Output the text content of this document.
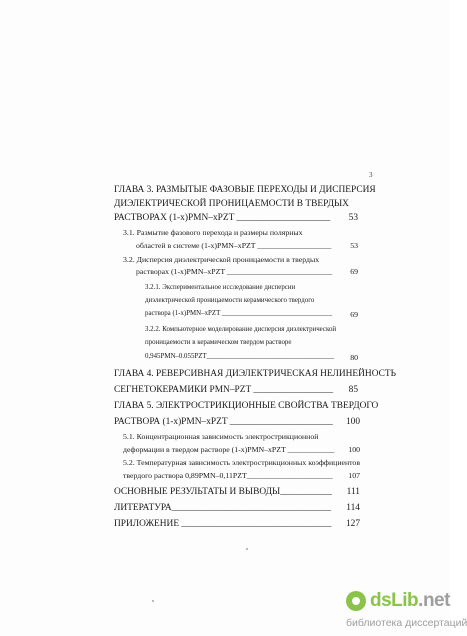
3
ГЛАВА 3. РАЗМЫТЫЕ ФАЗОВЫЕ ПЕРЕХОДЫ И ДИСПЕРСИЯ
ДИЭЛЕКТРИЧЕСКОЙ ПРОНИЦАЕМОСТИ В ТВЕРДЫХ
РАСТВОРАХ (1-x)PMN–xPZT ____________________	53
3.1. Размытие фазового перехода и размеры полярных
областей в системе (1-x)PMN–xPZT ___________________	53
3.2. Дисперсия диэлектрической проницаемости в твердых
растворах (1-x)PMN–xPZT ___________________________	69
3.2.1. Экспериментальное исследование дисперсии
диэлектрической проницаемости керамического твердого
раствора (1-x)PMN–xPZT ________________________________	69
3.2.2. Компьютерное моделирование дисперсия диэлектрической
проницаемости в керамическом твердом растворе
0,945PMN–0.055PZT_____________________________________	80
ГЛАВА 4. РЕВЕРСИВНАЯ ДИЭЛЕКТРИЧЕСКАЯ НЕЛИНЕЙНОСТЬ
СЕГНЕТОКЕРАМИКИ PMN–PZT _________________	85
ГЛАВА 5. ЭЛЕКТРОСТРИКЦИОННЫЕ СВОЙСТВА ТВЕРДОГО
РАСТВОРА (1-x)PMN–xPZT ______________________	100
5.1. Концентрационная зависимость электрострикционной
деформации в твердом растворе (1-x)PMN–xPZT ____________	100
5.2. Температурная зависимость электрострикционных коэффициентов
твердого раствора 0,89PMN–0,11PZT______________________	107
ОСНОВНЫЕ РЕЗУЛЬТАТЫ И ВЫВОДЫ___________	111
ЛИТЕРАТУРА__________________________________	114
ПРИЛОЖЕНИЕ ________________________________	127
dsLib.net
библиотека диссертаций
